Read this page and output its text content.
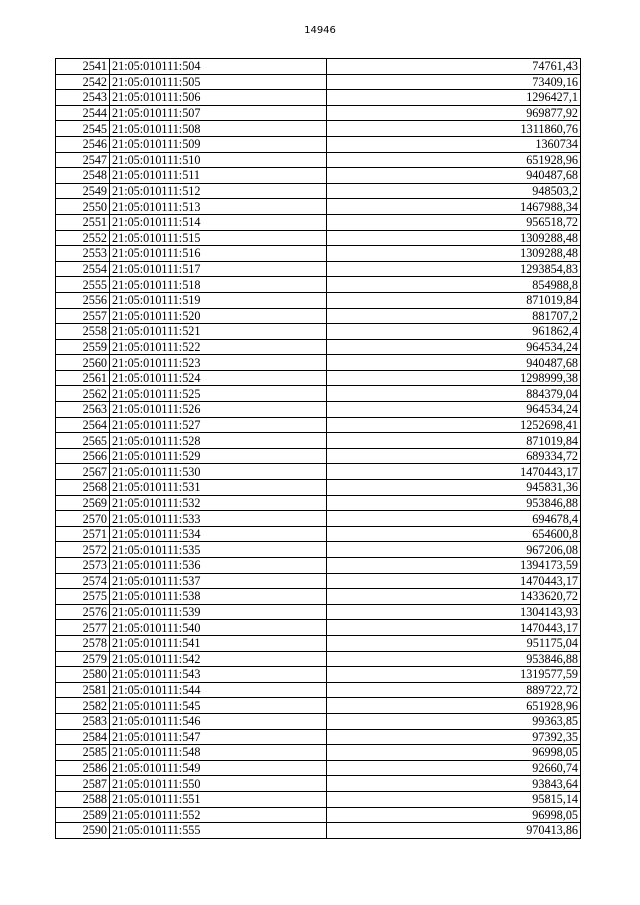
14946
2541	21:05:010111:504	74761,43
2542	21:05:010111:505	73409,16
2543	21:05:010111:506	1296427,1
2544	21:05:010111:507	969877,92
2545	21:05:010111:508	1311860,76
2546	21:05:010111:509	1360734
2547	21:05:010111:510	651928,96
2548	21:05:010111:511	940487,68
2549	21:05:010111:512	948503,2
2550	21:05:010111:513	1467988,34
2551	21:05:010111:514	956518,72
2552	21:05:010111:515	1309288,48
2553	21:05:010111:516	1309288,48
2554	21:05:010111:517	1293854,83
2555	21:05:010111:518	854988,8
2556	21:05:010111:519	871019,84
2557	21:05:010111:520	881707,2
2558	21:05:010111:521	961862,4
2559	21:05:010111:522	964534,24
2560	21:05:010111:523	940487,68
2561	21:05:010111:524	1298999,38
2562	21:05:010111:525	884379,04
2563	21:05:010111:526	964534,24
2564	21:05:010111:527	1252698,41
2565	21:05:010111:528	871019,84
2566	21:05:010111:529	689334,72
2567	21:05:010111:530	1470443,17
2568	21:05:010111:531	945831,36
2569	21:05:010111:532	953846,88
2570	21:05:010111:533	694678,4
2571	21:05:010111:534	654600,8
2572	21:05:010111:535	967206,08
2573	21:05:010111:536	1394173,59
2574	21:05:010111:537	1470443,17
2575	21:05:010111:538	1433620,72
2576	21:05:010111:539	1304143,93
2577	21:05:010111:540	1470443,17
2578	21:05:010111:541	951175,04
2579	21:05:010111:542	953846,88
2580	21:05:010111:543	1319577,59
2581	21:05:010111:544	889722,72
2582	21:05:010111:545	651928,96
2583	21:05:010111:546	99363,85
2584	21:05:010111:547	97392,35
2585	21:05:010111:548	96998,05
2586	21:05:010111:549	92660,74
2587	21:05:010111:550	93843,64
2588	21:05:010111:551	95815,14
2589	21:05:010111:552	96998,05
2590	21:05:010111:555	970413,86
